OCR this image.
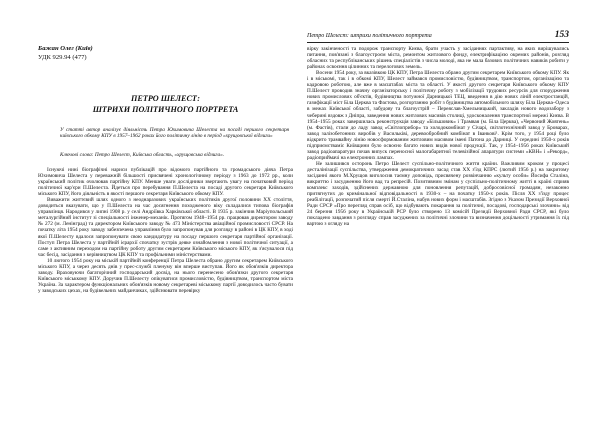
Бажан Олег (Київ)
УДК 929.94 (477)
ПЕТРО ШЕЛЕСТ:
ШТРИХИ ПОЛІТИЧНОГО ПОРТРЕТА

У статті автор аналізує діяльність Петра Юхимовича Шелеста на посаді першого секретаря київського обкому КПУ в 1957–1962 роках його політичну лінію в період «хрущовської відлиги»

Ключові слова: Петро Шелест, Київська область, «хрущовська відлига».

Існуючі нині біографічні нариси публікацій про відомого партійного та громадського діяча Петра Юхимовича Шелеста у переважній більшості присвячені хронологічному періоду з 1963 до 1972 рр., коли український політик очолював партійну КПУ. Менше уваги дослідники звертають увагу на початковий період політичної кар'єри П.Шелеста. Йдеться про перебування П.Шелеста на посаді другого секретаря Київського міського КПУ, його діяльність в якості першого секретаря Київського обкому КПУ.

Виважити життєвий шлях одного з неоднаразових українських політиків другої половини ХХ століття, доводиться вказувати, що у П.Шелеста на час досягнення походженого віку складалися типова біографія управлінця. Народився у липні 1908 р. у селі Андріївка Харківської області. В 1935 р. закінчив Маріупольський металургійний інститут зі спеціальності інженер-механік. Протягом 1948–1954 рр. працював директором заводу № 272 (м. Ленінград) та директором Київського заводу № 473 Міністерства авіаційної промисловості СРСР. На початку літа 1954 року заводу забезпечена управління було запропонував для розгляду в районі в ЦК КПУ, в ході якої П.Шелесту вдалося запропонувати свою кандидатуру на посаду першого секретаря партійної організації. Поступ Петра Шелеста у партійній ієрархії спочатку зустрів деяке ознайомлення з нової політичної ситуації, а саме з активним переходом на партійну роботу другим секретарем Київського міського КПУ, як з'ясувалося під час бесід, засідання з керівництвом ЦК КПУ та профільними міністерствами.

10 лютого 1954 року на міській партійній конференції Петра Шелеста обрано другим секретарем Київського міського КПУ, а через десять днів у прес-службі пленуму він вперше виступав. Його як обов'язків директора заводу. Враховуючи багаторічний господарський досвід, на нього перенесено обов'язки другого секретаря Київського міськкому КПУ. Доручив П.Шелесту опікуватися промисловістю, будівництвом, транспортом міста Україна. За характером функціональних обов'язків новому секретареві міськкому партії доводилось часто бувати у заводських цехах, на будівельних майданчиках, здійснювати перевірку

Петро Шелест: штрихи політичного портрета	153

вірку закінченості та подорож транспорту Києва, брати участь у засіданнях партактиву, на яких вирішувались питання, пов'язані з благоустроєм міста, ремонтом житлового фонду, електрифікацією окремих районів, розгляд обласних та республіканських рішень спеціалістів з числа молоді, яка не мала базових політичних навиків робити у районах освоєння цілинних та перелогових земель.

Восени 1954 року, за вказівкою ЦК КПУ, Петра Шелеста обрано другим секретарем Київського обкому КПУ. Як і в міськомі, так і в обкомі КПУ, Шелест займався промисловістю, будівництвом, транспортом, організацією та кадровою роботою, але вже в масштабах міста та області. У якості другого секретаря Київського обкому КПУ П.Шелест проводив значну організаторську і політичну роботу з мобілізації трудових ресурсів для спорудження нових промислових об'єктів, будівництва потужної Дарницької ТЕЦ, введення в дію нових ліній електростанцій, газифікації міст Біла Церква та Фастова, розгортанню робіт з будівництва автомобільного шляху Біла Церква–Одеса в межах Київської області, забудову та благоустрій – Переяслав-Хмельницький, закладів нового водозабору з чеберині вздовж з Дніпра, заведення нових житлових масивів столиці, удосконалення транспортної мережі Києва. В 1954–1955 роках завершилась реконструкція заводу «Більшовик» і Трамвая (м. Біла Церква), «Червоний Жовтень» (м. Фастів), стали до ладу завод «Світлоприбор» та холодокомбінат у Січарі, світлотехнічний завод у Броварах, завод залізобетонних виробів у Васильківі, деревообробний комбінат в Іванкові¹. Крім того, у 1954 році було відкрито трамвайну лінію новосформованим житловим масивом імені Патона до Дарниці. У середині 1950-х років підприємстваміс Київщини було освоєно багато нових видів нової продукції. Так, у 1954–1956 роках Київський завод радіоапаратури почав випуск переносної малогабаритної телевізійної апаратури системи «КВН» і «Рекорд», радіоприймачі на електронних лампах.

Не залишився осторонь Петро Шелест суспільно-політичного життя країни. Важливим кроком у процесі десталінізації суспільства, утвердження демократичних засад став ХХ з'їзд КПРС (лютий 1956 р.) на закритому засіданні якого М.Хрущов виголосив таємну доповідь, присвячену розвінчанню «культу особи» Йосифа Сталіна, викриттю і засудженню його вад та репресій. Позитивним змінам у суспільно-політичному житті в країні сприяв комплекс заходів, здійснених державною для поновлення репутацій, добросовісної громадян, незаконно притягнутих до кримінальної відповідальності в 1930-х – на початку 1950-х років. Після ХХ з'їзду процес реабілітації, розпочатий після смерті Й.Сталіна, набув нових форм і масштабів. Згідно з Указом Президії Верховної Ради СРСР «Про перегляд справ осіб, що відбувають покарання за політичні, посадові, господарські злочини» від 24 березня 1956 року в Українській РСР було створено 13 комісій Президії Верховної Ради СРСР, які було покладено завдання з розгляду справ засуджених за політичні злочини та визначення доцільності утримання їх під вартою з огляду на
